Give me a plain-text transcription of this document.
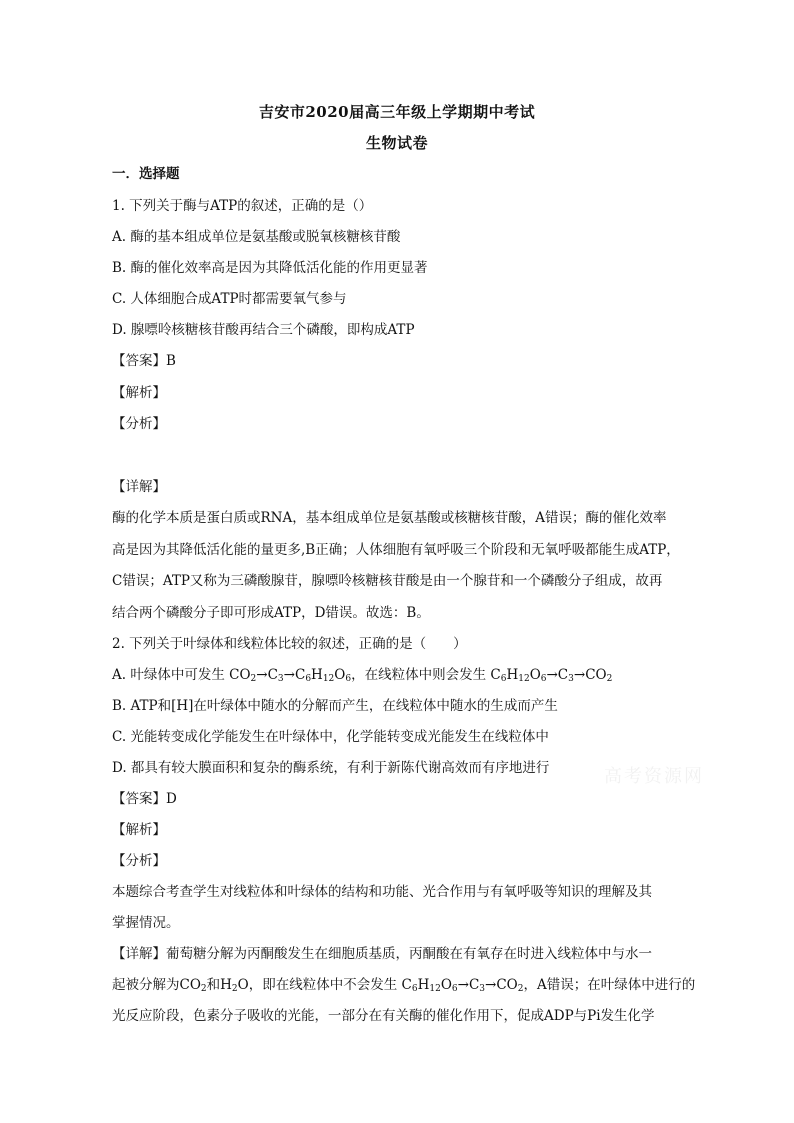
吉安市2020届高三年级上学期期中考试
生物试卷
一．选择题
1. 下列关于酶与ATP的叙述，正确的是（）
A. 酶的基本组成单位是氨基酸或脱氧核糖核苷酸
B. 酶的催化效率高是因为其降低活化能的作用更显著
C. 人体细胞合成ATP时都需要氧气参与
D. 腺嘌呤核糖核苷酸再结合三个磷酸，即构成ATP
【答案】B
【解析】
【分析】
【详解】
酶的化学本质是蛋白质或RNA，基本组成单位是氨基酸或核糖核苷酸，A错误；酶的催化效率
高是因为其降低活化能的量更多,B正确；人体细胞有氧呼吸三个阶段和无氧呼吸都能生成ATP，
C错误；ATP又称为三磷酸腺苷，腺嘌呤核糖核苷酸是由一个腺苷和一个磷酸分子组成，故再
结合两个磷酸分子即可形成ATP，D错误。故选：B。
2. 下列关于叶绿体和线粒体比较的叙述，正确的是（　　）
A. 叶绿体中可发生 $CO_2\to C_3\to C_6H_{12}O_6$，在线粒体中则会发生 $C_6H_{12}O_6\to C_3\to CO_2$
B. ATP和[H]在叶绿体中随水的分解而产生，在线粒体中随水的生成而产生
C. 光能转变成化学能发生在叶绿体中，化学能转变成光能发生在线粒体中
D. 都具有较大膜面积和复杂的酶系统，有利于新陈代谢高效而有序地进行
【答案】D
【解析】
【分析】
本题综合考查学生对线粒体和叶绿体的结构和功能、光合作用与有氧呼吸等知识的理解及其
掌握情况。
【详解】葡萄糖分解为丙酮酸发生在细胞质基质，丙酮酸在有氧存在时进入线粒体中与水一
起被分解为$CO_2$和$H_2O$，即在线粒体中不会发生 $C_6H_{12}O_6\to C_3\to CO_2$，A错误；在叶绿体中进行的
光反应阶段，色素分子吸收的光能，一部分在有关酶的催化作用下，促成ADP与Pi发生化学
高考资源网
